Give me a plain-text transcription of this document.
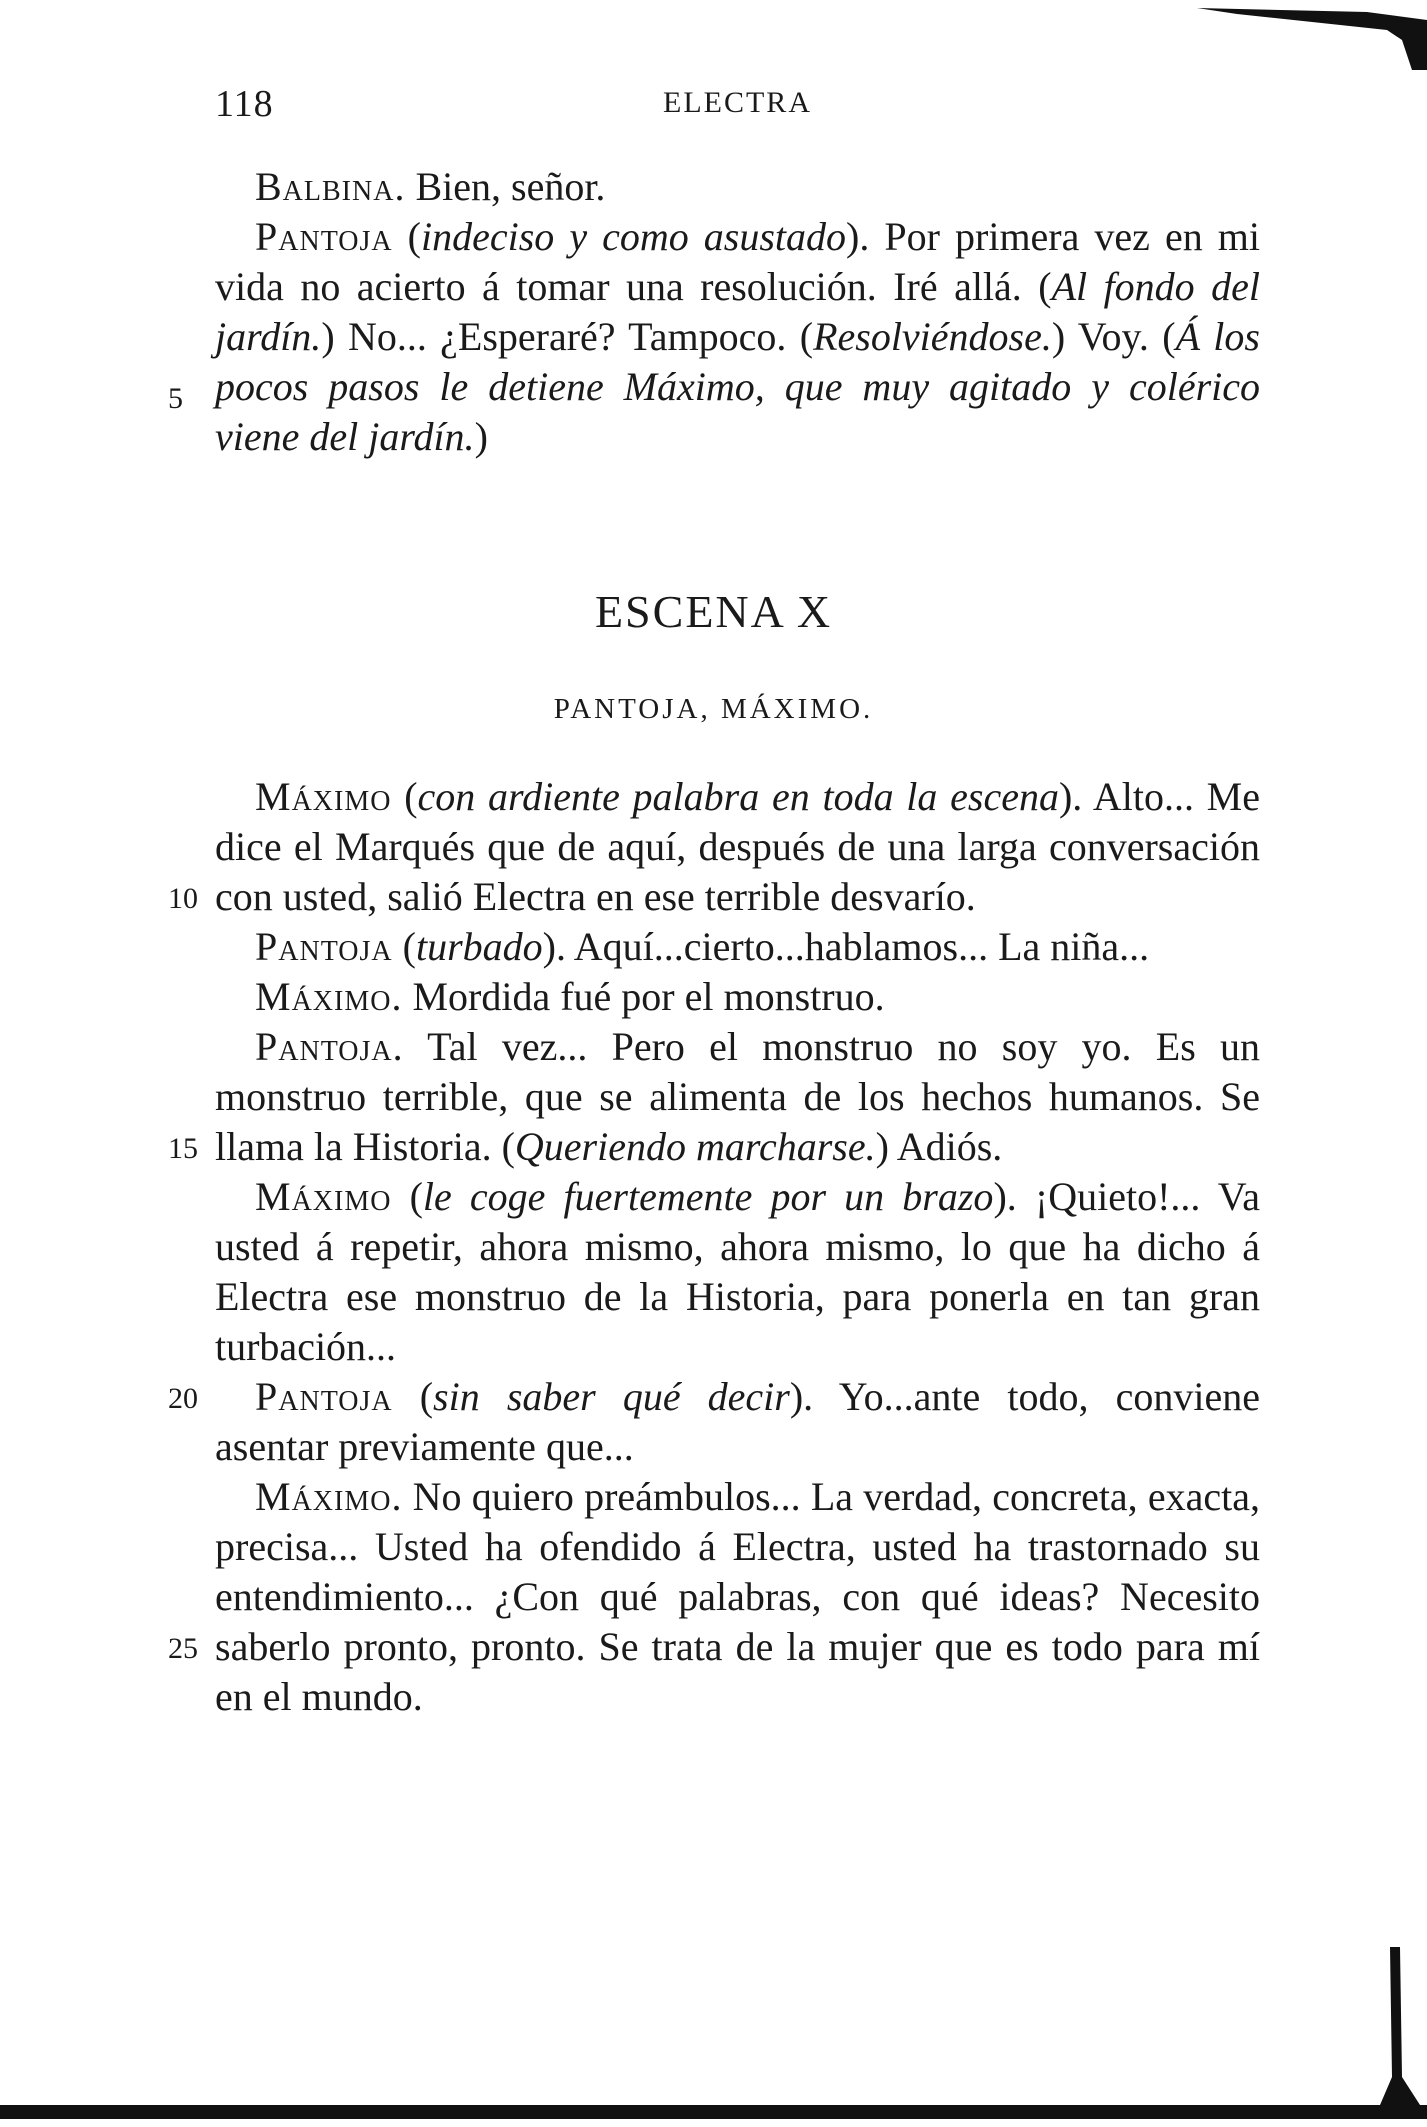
118	ELECTRA

Balbina. Bien, señor.

Pantoja (indeciso y como asustado). Por primera vez en mi vida no acierto á tomar una resolución. Iré allá. (Al fondo del jardín.) No... ¿Esperaré? Tampoco. (Resolviéndose.) Voy. (Á los pocos pasos le detiene Máximo, que muy agitado y colérico viene del jardín.)

ESCENA X
PANTOJA, MÁXIMO.

Máximo (con ardiente palabra en toda la escena). Alto... Me dice el Marqués que de aquí, después de una larga conversación con usted, salió Electra en ese terrible desvarío.

Pantoja (turbado). Aquí...cierto...hablamos... La niña...

Máximo. Mordida fué por el monstruo.

Pantoja. Tal vez... Pero el monstruo no soy yo. Es un monstruo terrible, que se alimenta de los hechos humanos. Se llama la Historia. (Queriendo marcharse.) Adiós.

Máximo (le coge fuertemente por un brazo). ¡Quieto!... Va usted á repetir, ahora mismo, ahora mismo, lo que ha dicho á Electra ese monstruo de la Historia, para ponerla en tan gran turbación...

Pantoja (sin saber qué decir). Yo...ante todo, conviene asentar previamente que...

Máximo. No quiero preámbulos... La verdad, concreta, exacta, precisa... Usted ha ofendido á Electra, usted ha trastornado su entendimiento... ¿Con qué palabras, con qué ideas? Necesito saberlo pronto, pronto. Se trata de la mujer que es todo para mí en el mundo.

5
10
15
20
25
